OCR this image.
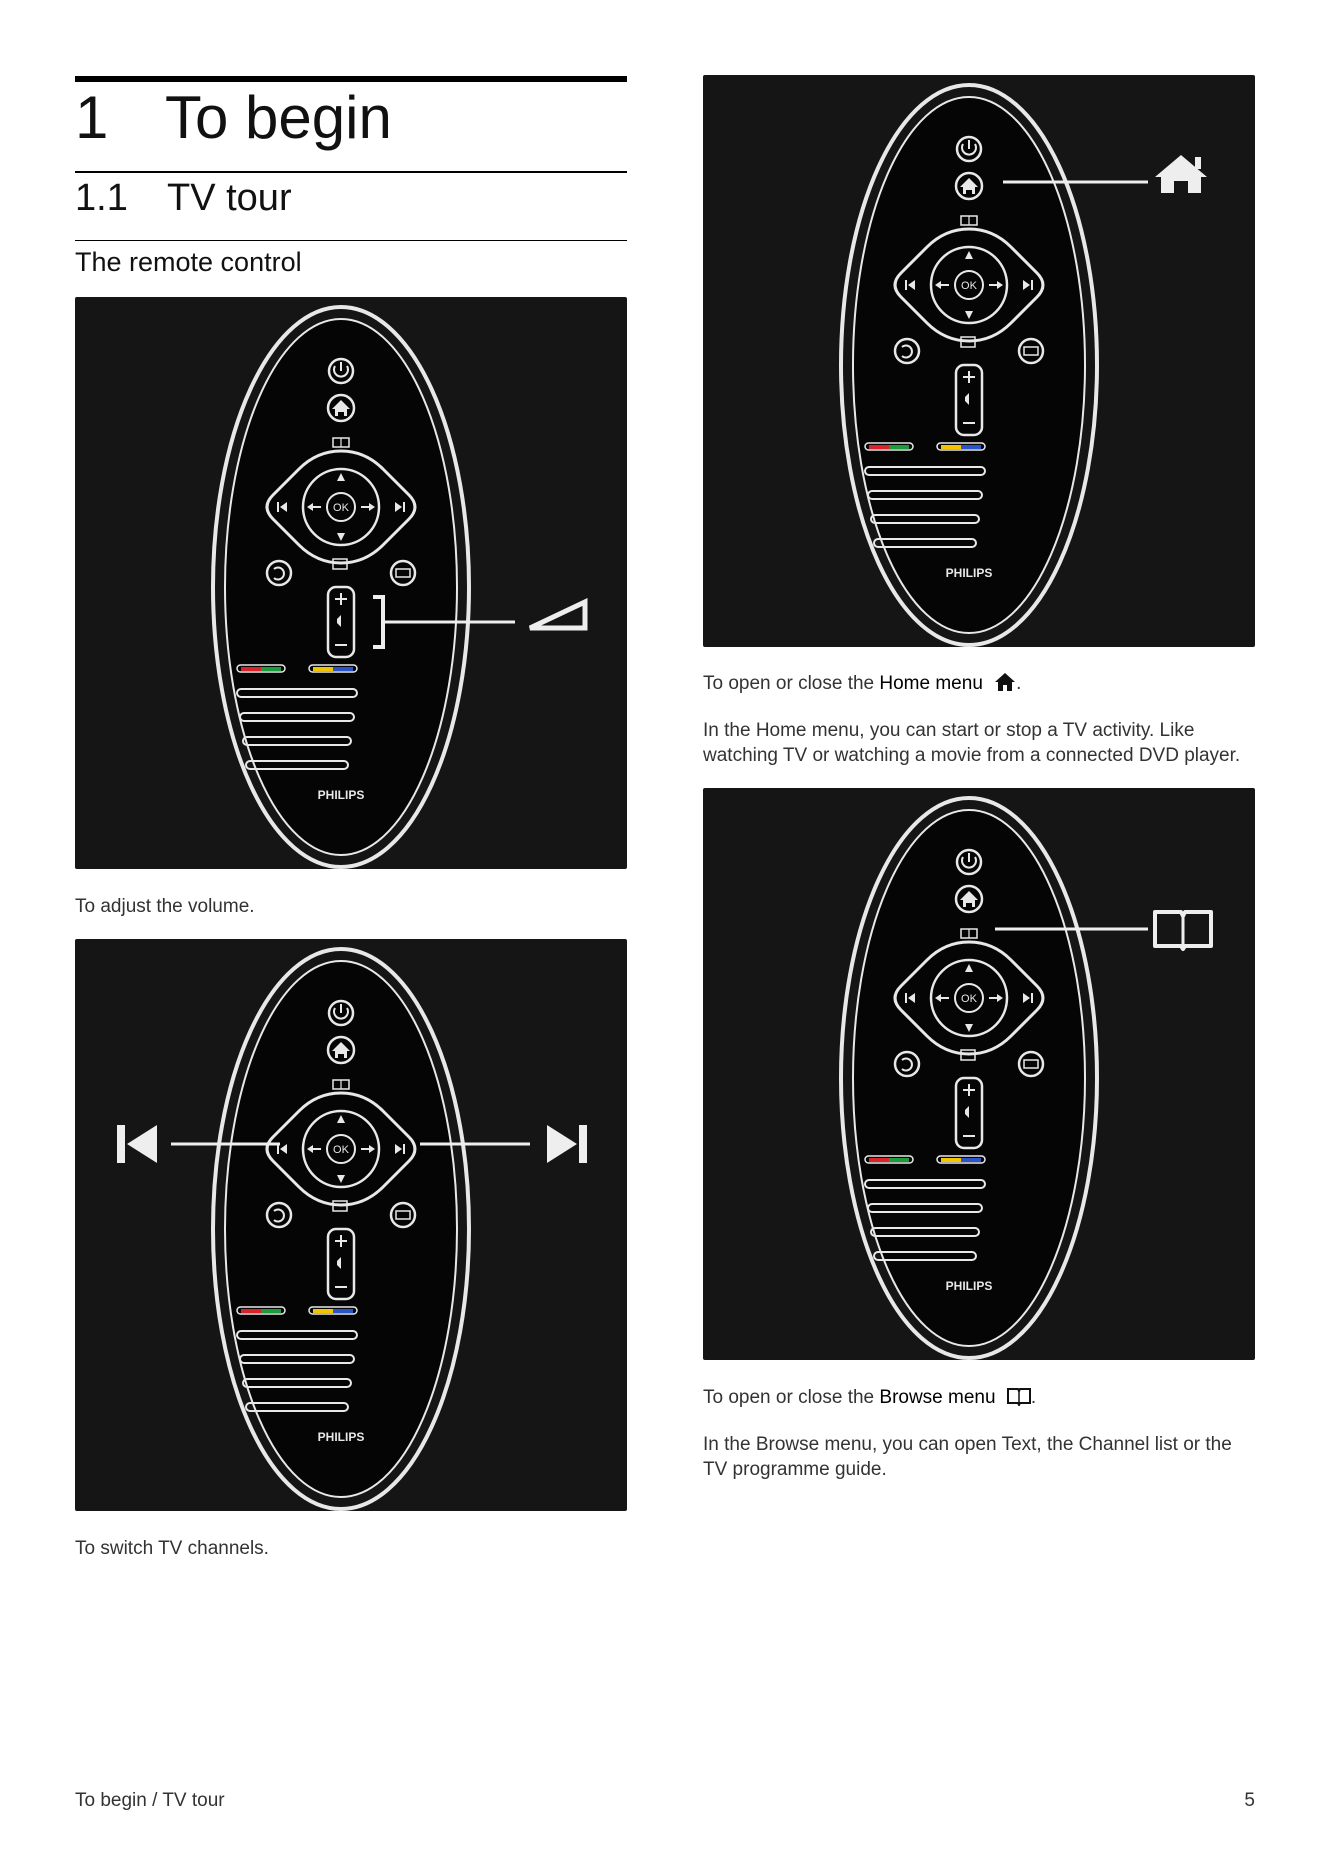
1 To begin
1.1 TV tour
The remote control
OK
PHILIPS
To adjust the volume.
OK
PHILIPS
To switch TV channels.
OK
PHILIPS
To open or close the Home menu .
In the Home menu, you can start or stop a TV activity. Like watching TV or watching a movie from a connected DVD player.
OK
PHILIPS
To open or close the Browse menu .
In the Browse menu, you can open Text, the Channel list or the TV programme guide.
To begin / TV tour	5
